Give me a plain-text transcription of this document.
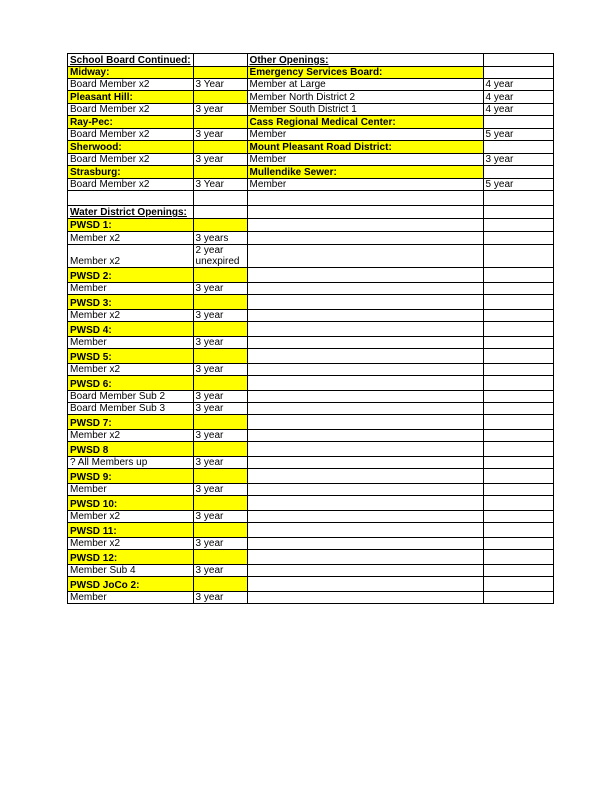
School Board Continued:		Other Openings:	
Midway:		Emergency Services Board:	
Board Member x2	3 Year	Member at Large	4 year
Pleasant Hill:		Member North District 2	4 year
Board Member x2	3 year	Member South District 1	4 year
Ray-Pec:		Cass Regional Medical Center:	
Board Member x2	3 year	Member	5 year
Sherwood:		Mount Pleasant Road District:	
Board Member x2	3 year	Member	3 year
Strasburg:		Mullendike Sewer:	
Board Member x2	3 Year	Member	5 year

Water District Openings:			
PWSD 1:			
Member x2	3 years		
Member x2	2 year unexpired		
PWSD 2:			
Member	3 year		
PWSD 3:			
Member x2	3 year		
PWSD 4:			
Member	3 year		
PWSD 5:			
Member x2	3 year		
PWSD 6:			
Board Member Sub 2	3 year		
Board Member Sub 3	3 year		
PWSD 7:			
Member x2	3 year		
PWSD 8			
? All Members up	3 year		
PWSD 9:			
Member	3 year		
PWSD 10:			
Member x2	3 year		
PWSD 11:			
Member x2	3 year		
PWSD 12:			
Member Sub 4	3 year		
PWSD JoCo 2:			
Member	3 year		
